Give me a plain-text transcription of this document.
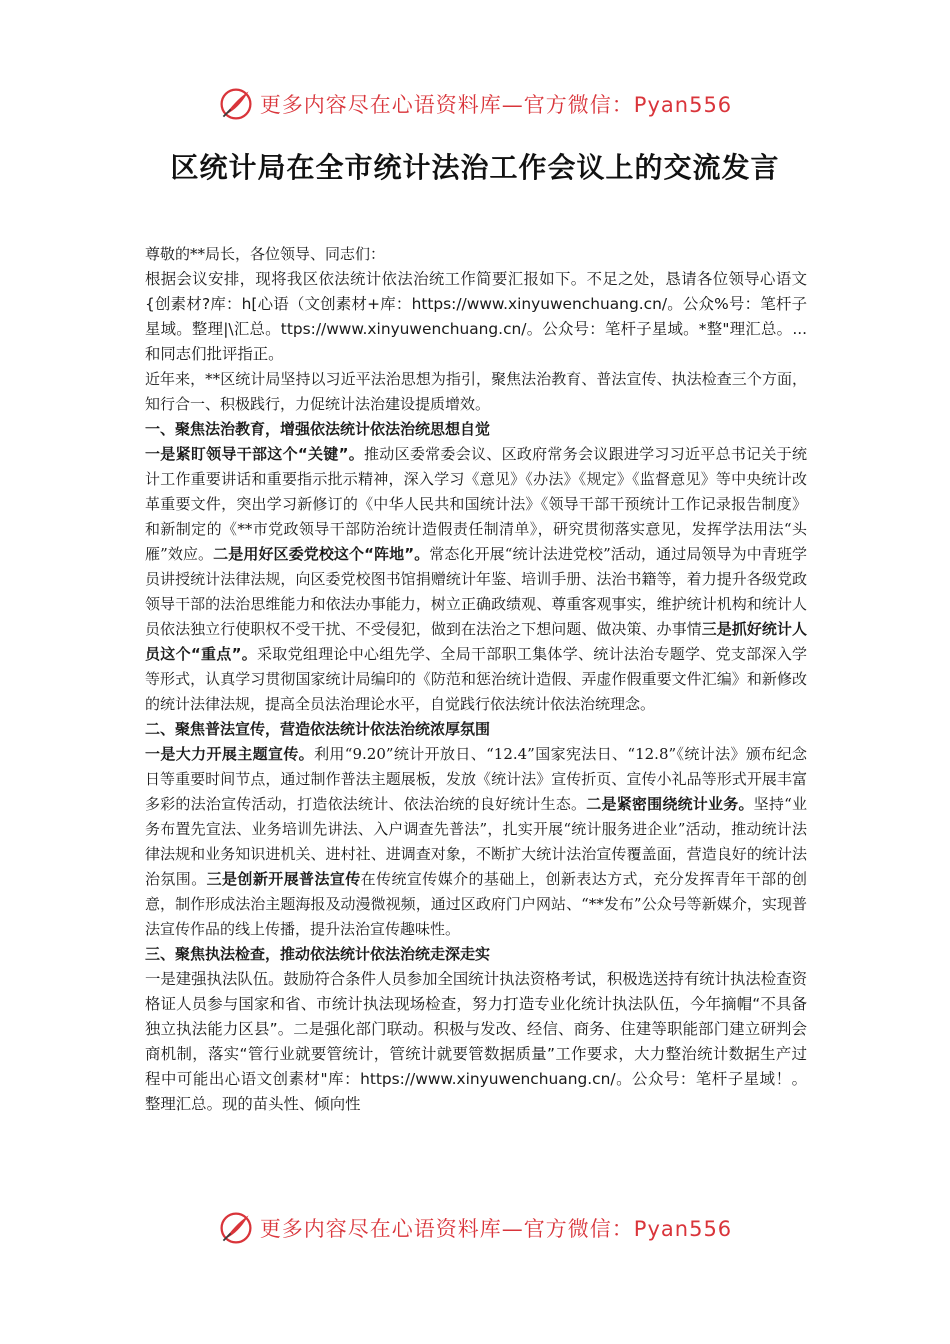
更多内容尽在心语资料库—官方微信：Pyan556
区统计局在全市统计法治工作会议上的交流发言

尊敬的**局长，各位领导、同志们：

根据会议安排，现将我区依法统计依法治统工作简要汇报如下。不足之处，恳请各位领导心语文{创素材?库：h[心语（文创素材+库：https://www.xinyuwenchuang.cn/。公众%号：笔杆子星域。整理|\汇总。ttps://www.xinyuwenchuang.cn/。公众号：笔杆子星域。*整"理汇总。...和同志们批评指正。

近年来，**区统计局坚持以习近平法治思想为指引，聚焦法治教育、普法宣传、执法检查三个方面，知行合一、积极践行，力促统计法治建设提质增效。

一、聚焦法治教育，增强依法统计依法治统思想自觉

一是紧盯领导干部这个“关键”。推动区委常委会议、区政府常务会议跟进学习习近平总书记关于统计工作重要讲话和重要指示批示精神，深入学习《意见》《办法》《规定》《监督意见》等中央统计改革重要文件，突出学习新修订的《中华人民共和国统计法》《领导干部干预统计工作记录报告制度》和新制定的《**市党政领导干部防治统计造假责任制清单》，研究贯彻落实意见，发挥学法用法“头雁”效应。二是用好区委党校这个“阵地”。常态化开展“统计法进党校”活动，通过局领导为中青班学员讲授统计法律法规，向区委党校图书馆捐赠统计年鉴、培训手册、法治书籍等，着力提升各级党政领导干部的法治思维能力和依法办事能力，树立正确政绩观、尊重客观事实，维护统计机构和统计人员依法独立行使职权不受干扰、不受侵犯，做到在法治之下想问题、做决策、办事情三是抓好统计人员这个“重点”。采取党组理论中心组先学、全局干部职工集体学、统计法治专题学、党支部深入学等形式，认真学习贯彻国家统计局编印的《防范和惩治统计造假、弄虚作假重要文件汇编》和新修改的统计法律法规，提高全员法治理论水平，自觉践行依法统计依法治统理念。

二、聚焦普法宣传，营造依法统计依法治统浓厚氛围

一是大力开展主题宣传。利用“9.20”统计开放日、“12.4”国家宪法日、“12.8”《统计法》颁布纪念日等重要时间节点，通过制作普法主题展板，发放《统计法》宣传折页、宣传小礼品等形式开展丰富多彩的法治宣传活动，打造依法统计、依法治统的良好统计生态。二是紧密围绕统计业务。坚持“业务布置先宣法、业务培训先讲法、入户调查先普法”，扎实开展“统计服务进企业”活动，推动统计法律法规和业务知识进机关、进村社、进调查对象，不断扩大统计法治宣传覆盖面，营造良好的统计法治氛围。三是创新开展普法宣传在传统宣传媒介的基础上，创新表达方式，充分发挥青年干部的创意，制作形成法治主题海报及动漫微视频，通过区政府门户网站、“**发布”公众号等新媒介，实现普法宣传作品的线上传播，提升法治宣传趣味性。

三、聚焦执法检查，推动依法统计依法治统走深走实

一是建强执法队伍。鼓励符合条件人员参加全国统计执法资格考试，积极选送持有统计执法检查资格证人员参与国家和省、市统计执法现场检查，努力打造专业化统计执法队伍，今年摘帽“不具备独立执法能力区县”。二是强化部门联动。积极与发改、经信、商务、住建等职能部门建立研判会商机制，落实“管行业就要管统计，管统计就要管数据质量”工作要求，大力整治统计数据生产过程中可能出心语文创素材"库：https://www.xinyuwenchuang.cn/。公众号：笔杆子星域！。整理汇总。现的苗头性、倾向性

更多内容尽在心语资料库—官方微信：Pyan556
